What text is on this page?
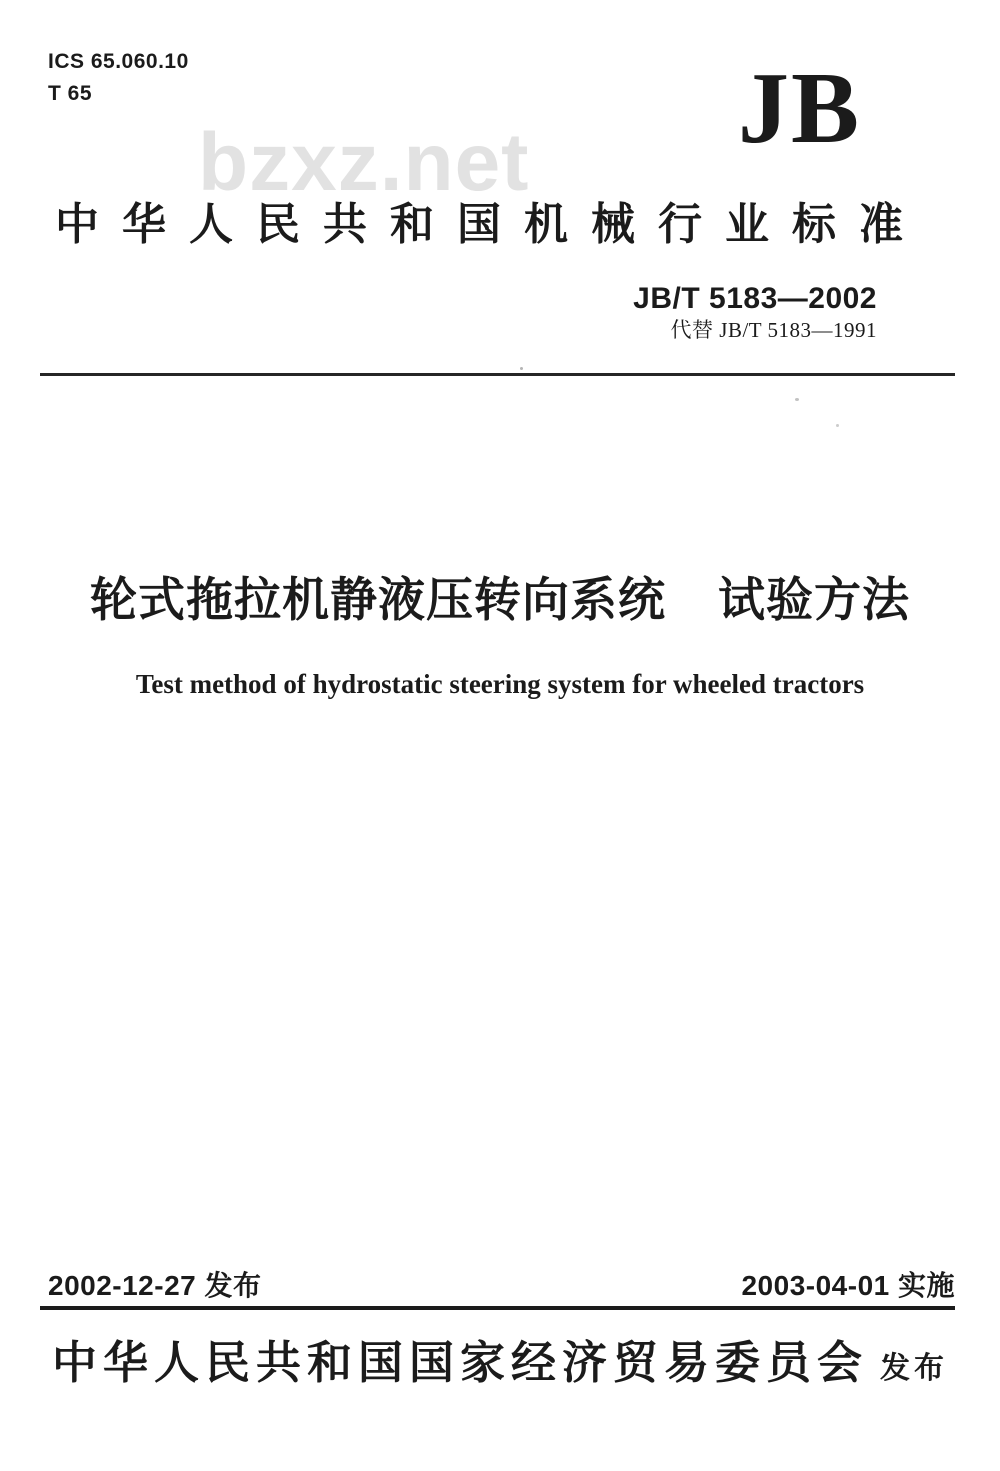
ICS 65.060.10
T 65
bzxz.net JB
中华人民共和国机械行业标准
JB/T 5183—2002
代替 JB/T 5183—1991
轮式拖拉机静液压转向系统 试验方法
Test method of hydrostatic steering system for wheeled tractors
2002-12-27 发布	2003-04-01 实施
中华人民共和国国家经济贸易委员会 发布
